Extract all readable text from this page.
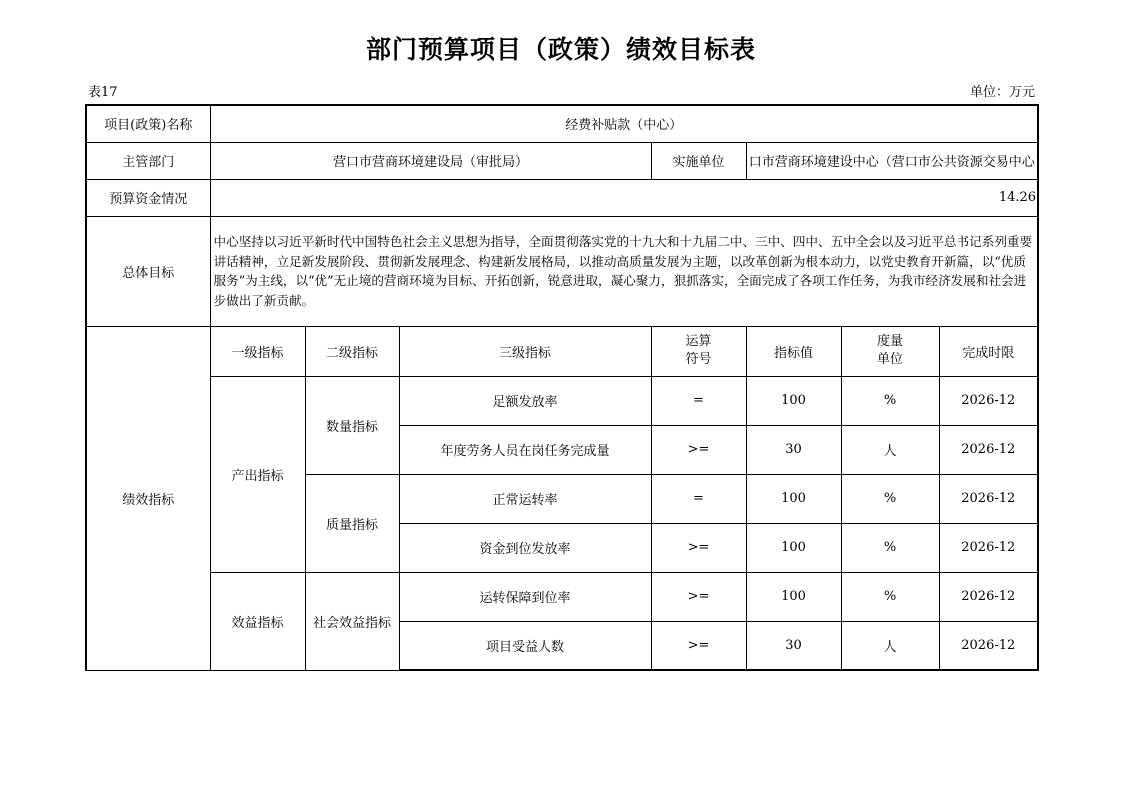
部门预算项目（政策）绩效目标表
表17	单位：万元
项目(政策)名称	经费补贴款（中心）						
主管部门	营口市营商环境建设局（审批局）			实施单位	口市营商环境建设中心（营口市公共资源交易中心		
预算资金情况	14.26						
总体目标	中心坚持以习近平新时代中国特色社会主义思想为指导，全面贯彻落实党的十九大和十九届二中、三中、四中、五中全会以及习近平总书记系列重要讲话精神，立足新发展阶段、贯彻新发展理念、构建新发展格局，以推动高质量发展为主题，以改革创新为根本动力，以党史教育开新篇，以“优质服务”为主线，以“优”无止境的营商环境为目标、开拓创新，锐意进取，凝心聚力，狠抓落实，全面完成了各项工作任务，为我市经济发展和社会进步做出了新贡献。						
绩效指标	一级指标	二级指标	三级指标	运算符号	指标值	度量单位	完成时限
	产出指标	数量指标	足额发放率	=	100	%	2026-12
			年度劳务人员在岗任务完成量	>=	30	人	2026-12
		质量指标	正常运转率	=	100	%	2026-12
			资金到位发放率	>=	100	%	2026-12
	效益指标	社会效益指标	运转保障到位率	>=	100	%	2026-12
			项目受益人数	>=	30	人	2026-12
